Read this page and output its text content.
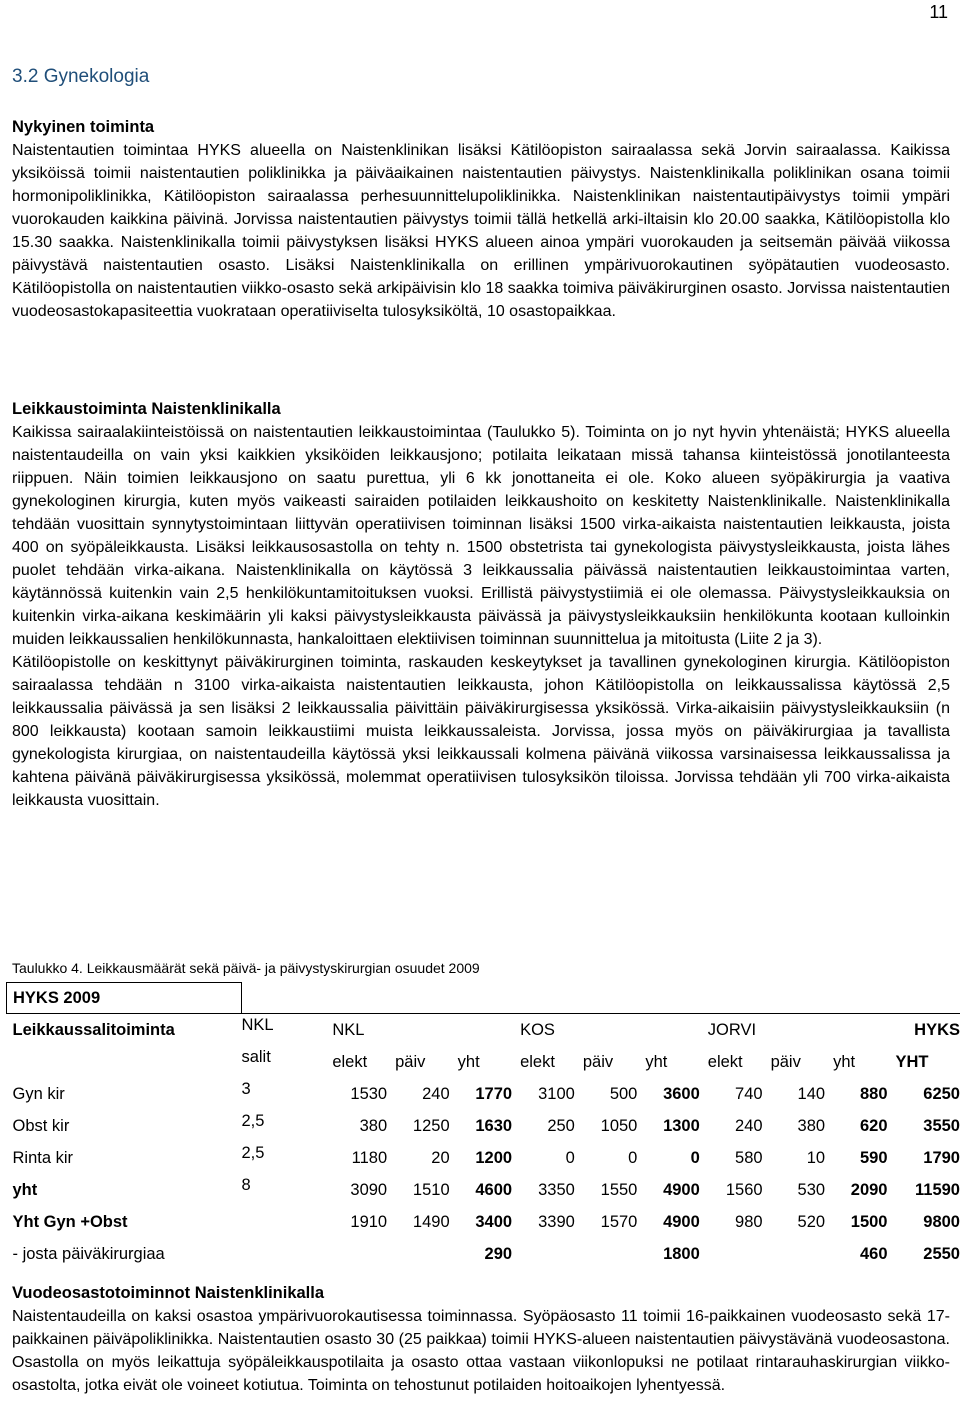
11
3.2 Gynekologia
Nykyinen toiminta

Naistentautien toimintaa HYKS alueella on Naistenklinikan lisäksi Kätilöopiston sairaalassa sekä Jorvin sairaalassa. Kaikissa yksiköissä toimii naistentautien poliklinikka ja päiväaikainen naistentautien päivystys. Naistenklinikalla poliklinikan osana toimii hormonipoliklinikka, Kätilöopiston sairaalassa perhesuunnittelupoliklinikka. Naistenklinikan naistentautipäivystys toimii ympäri vuorokauden kaikkina päivinä. Jorvissa naistentautien päivystys toimii tällä hetkellä arki-iltaisin klo 20.00 saakka, Kätilöopistolla klo 15.30 saakka. Naistenklinikalla toimii päivystyksen lisäksi HYKS alueen ainoa ympäri vuorokauden ja seitsemän päivää viikossa päivystävä naistentautien osasto. Lisäksi Naistenklinikalla on erillinen ympärivuorokautinen syöpätautien vuodeosasto. Kätilöopistolla on naistentautien viikko-osasto sekä arkipäivisin klo 18 saakka toimiva päiväkirurginen osasto. Jorvissa naistentautien vuodeosastokapasiteettia vuokrataan operatiiviselta tulosyksiköltä, 10 osastopaikkaa.

Leikkaustoiminta Naistenklinikalla

Kaikissa sairaalakiinteistöissä on naistentautien leikkaustoimintaa (Taulukko 5). Toiminta on jo nyt hyvin yhtenäistä; HYKS alueella naistentaudeilla on vain yksi kaikkien yksiköiden leikkausjono; potilaita leikataan missä tahansa kiinteistössä jonotilanteesta riippuen. Näin toimien leikkausjono on saatu purettua, yli 6 kk jonottaneita ei ole. Koko alueen syöpäkirurgia ja vaativa gynekologinen kirurgia, kuten myös vaikeasti sairaiden potilaiden leikkaushoito on keskitetty Naistenklinikalle. Naistenklinikalla tehdään vuosittain synnytystoimintaan liittyvän operatiivisen toiminnan lisäksi 1500 virka-aikaista naistentautien leikkausta, joista 400 on syöpäleikkausta. Lisäksi leikkausosastolla on tehty n. 1500 obstetrista tai gynekologista päivystysleikkausta, joista lähes puolet tehdään virka-aikana. Naistenklinikalla on käytössä 3 leikkaussalia päivässä naistentautien leikkaustoimintaa varten, käytännössä kuitenkin vain 2,5 henkilökuntamitoituksen vuoksi. Erillistä päivystystiimiä ei ole olemassa. Päivystysleikkauksia on kuitenkin virka-aikana keskimäärin yli kaksi päivystysleikkausta päivässä ja päivystysleikkauksiin henkilökunta kootaan kulloinkin muiden leikkaussalien henkilökunnasta, hankaloittaen elektiivisen toiminnan suunnittelua ja mitoitusta (Liite 2 ja 3).

Kätilöopistolle on keskittynyt päiväkirurginen toiminta, raskauden keskeytykset ja tavallinen gynekologinen kirurgia. Kätilöopiston sairaalassa tehdään n 3100 virka-aikaista naistentautien leikkausta, johon Kätilöopistolla on leikkaussalissa käytössä 2,5 leikkaussalia päivässä ja sen lisäksi 2 leikkaussalia päivittäin päiväkirurgisessa yksikössä. Virka-aikaisiin päivystysleikkauksiin (n 800 leikkausta) kootaan samoin leikkaustiimi muista leikkaussaleista. Jorvissa, jossa myös on päiväkirurgiaa ja tavallista gynekologista kirurgiaa, on naistentaudeilla käytössä yksi leikkaussali kolmena päivänä viikossa varsinaisessa leikkaussalissa ja kahtena päivänä päiväkirurgisessa yksikössä, molemmat operatiivisen tulosyksikön tiloissa. Jorvissa tehdään yli 700 virka-aikaista leikkausta vuosittain.

Taulukko 4. Leikkausmäärät sekä päivä- ja päivystyskirurgian osuudet 2009
HYKS 2009											
Leikkaussalitoiminta	NKL	NKL			KOS			JORVI			HYKS
	salit	elekt	päiv	yht	elekt	päiv	yht	elekt	päiv	yht	YHT
Gyn kir	3	1530	240	1770	3100	500	3600	740	140	880	6250
Obst kir	2,5	380	1250	1630	250	1050	1300	240	380	620	3550
Rinta kir	2,5	1180	20	1200	0	0	0	580	10	590	1790
yht	8	3090	1510	4600	3350	1550	4900	1560	530	2090	11590
Yht Gyn +Obst		1910	1490	3400	3390	1570	4900	980	520	1500	9800
- josta päiväkirurgiaa				290			1800			460	2550
Vuodeosastotoiminnot Naistenklinikalla

Naistentaudeilla on kaksi osastoa ympärivuorokautisessa toiminnassa. Syöpäosasto 11 toimii 16-paikkainen vuodeosasto sekä 17-paikkainen päiväpoliklinikka. Naistentautien osasto 30 (25 paikkaa) toimii HYKS-alueen naistentautien päivystävänä vuodeosastona. Osastolla on myös leikattuja syöpäleikkauspotilaita ja osasto ottaa vastaan viikonlopuksi ne potilaat rintarauhaskirurgian viikko-osastolta, jotka eivät ole voineet kotiutua. Toiminta on tehostunut potilaiden hoitoaikojen lyhentyessä.
